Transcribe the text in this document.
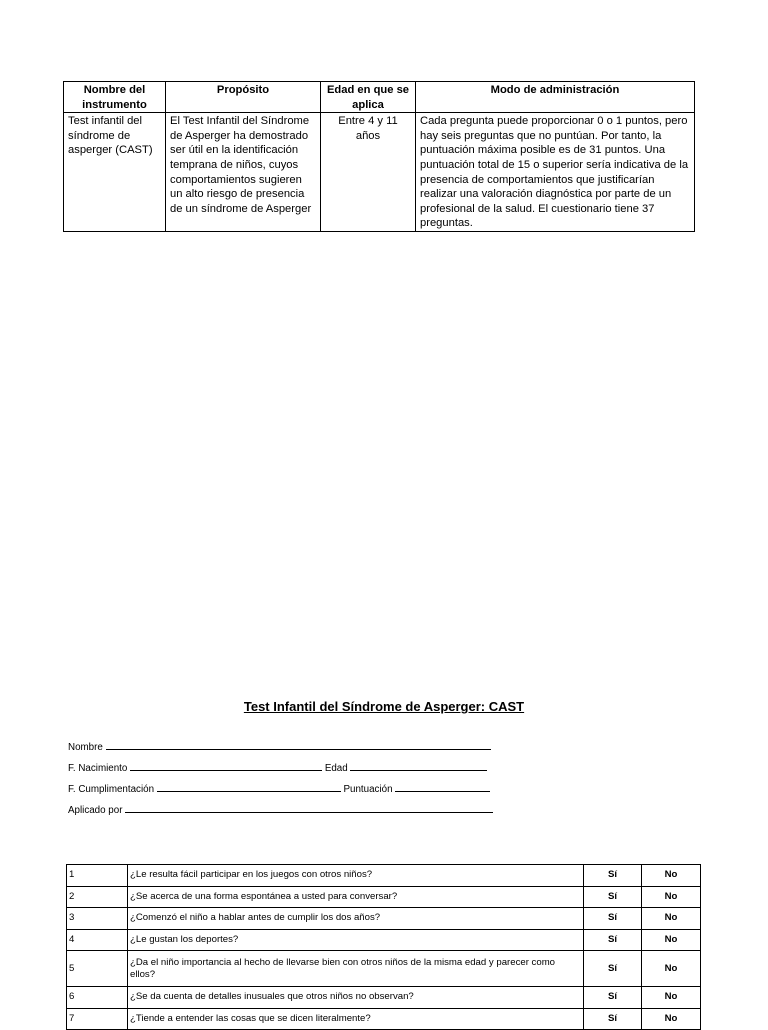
Nombre del instrumento	Propósito	Edad en que se aplica	Modo de administración
Test infantil del síndrome de asperger (CAST)	El Test Infantil del Síndrome de Asperger ha demostrado ser útil en la identificación temprana de niños, cuyos comportamientos sugieren un alto riesgo de presencia de un síndrome de Asperger	Entre 4 y 11 años	Cada pregunta puede proporcionar 0 o 1 puntos, pero hay seis preguntas que no puntúan. Por tanto, la puntuación máxima posible es de 31 puntos. Una puntuación total de 15 o superior sería indicativa de la presencia de comportamientos que justificarían realizar una valoración diagnóstica por parte de un profesional de la salud. El cuestionario tiene 37 preguntas.
Test Infantil del Síndrome de Asperger: CAST
Nombre
F. Nacimiento	Edad
F. Cumplimentación	Puntuación
Aplicado por
1	¿Le resulta fácil participar en los juegos con otros niños?	Sí	No
2	¿Se acerca de una forma espontánea a usted para conversar?	Sí	No
3	¿Comenzó el niño a hablar antes de cumplir los dos años?	Sí	No
4	¿Le gustan los deportes?	Sí	No
5	¿Da el niño importancia al hecho de llevarse bien con otros niños de la misma edad y parecer como ellos?	Sí	No
6	¿Se da cuenta de detalles inusuales que otros niños no observan?	Sí	No
7	¿Tiende a entender las cosas que se dicen literalmente?	Sí	No
